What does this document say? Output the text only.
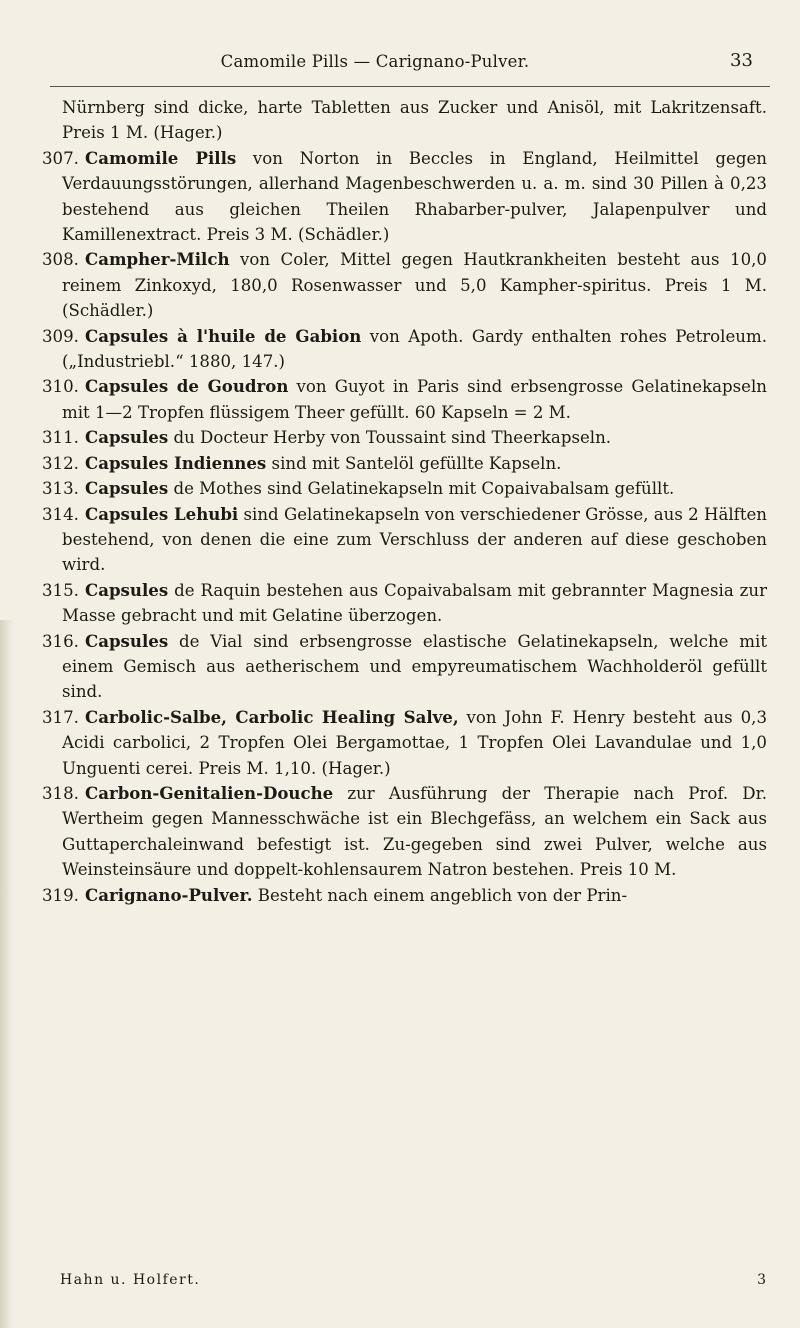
Camomile Pills — Carignano-Pulver.	33

Nürnberg sind dicke, harte Tabletten aus Zucker und Anisöl, mit Lakritzensaft. Preis 1 M. (Hager.)

307. Camomile Pills von Norton in Beccles in England, Heilmittel gegen Verdauungsstörungen, allerhand Magenbeschwerden u. a. m. sind 30 Pillen à 0,23 bestehend aus gleichen Theilen Rhabarber-pulver, Jalapenpulver und Kamillenextract. Preis 3 M. (Schädler.)

308. Campher-Milch von Coler, Mittel gegen Hautkrankheiten besteht aus 10,0 reinem Zinkoxyd, 180,0 Rosenwasser und 5,0 Kampher-spiritus. Preis 1 M. (Schädler.)

309. Capsules à l'huile de Gabion von Apoth. Gardy enthalten rohes Petroleum. („Industriebl.“ 1880, 147.)

310. Capsules de Goudron von Guyot in Paris sind erbsengrosse Gelatinekapseln mit 1—2 Tropfen flüssigem Theer gefüllt. 60 Kapseln = 2 M.

311. Capsules du Docteur Herby von Toussaint sind Theerkapseln.

312. Capsules Indiennes sind mit Santelöl gefüllte Kapseln.

313. Capsules de Mothes sind Gelatinekapseln mit Copaivabalsam gefüllt.

314. Capsules Lehubi sind Gelatinekapseln von verschiedener Grösse, aus 2 Hälften bestehend, von denen die eine zum Verschluss der anderen auf diese geschoben wird.

315. Capsules de Raquin bestehen aus Copaivabalsam mit gebrannter Magnesia zur Masse gebracht und mit Gelatine überzogen.

316. Capsules de Vial sind erbsengrosse elastische Gelatinekapseln, welche mit einem Gemisch aus aetherischem und empyreumatischem Wachholderöl gefüllt sind.

317. Carbolic-Salbe, Carbolic Healing Salve, von John F. Henry besteht aus 0,3 Acidi carbolici, 2 Tropfen Olei Bergamottae, 1 Tropfen Olei Lavandulae und 1,0 Unguenti cerei. Preis M. 1,10. (Hager.)

318. Carbon-Genitalien-Douche zur Ausführung der Therapie nach Prof. Dr. Wertheim gegen Mannesschwäche ist ein Blechgefäss, an welchem ein Sack aus Guttaperchaleinwand befestigt ist. Zu-gegeben sind zwei Pulver, welche aus Weinsteinsäure und doppelt-kohlensaurem Natron bestehen. Preis 10 M.

319. Carignano-Pulver. Besteht nach einem angeblich von der Prin-

Hahn u. Holfert.	3
